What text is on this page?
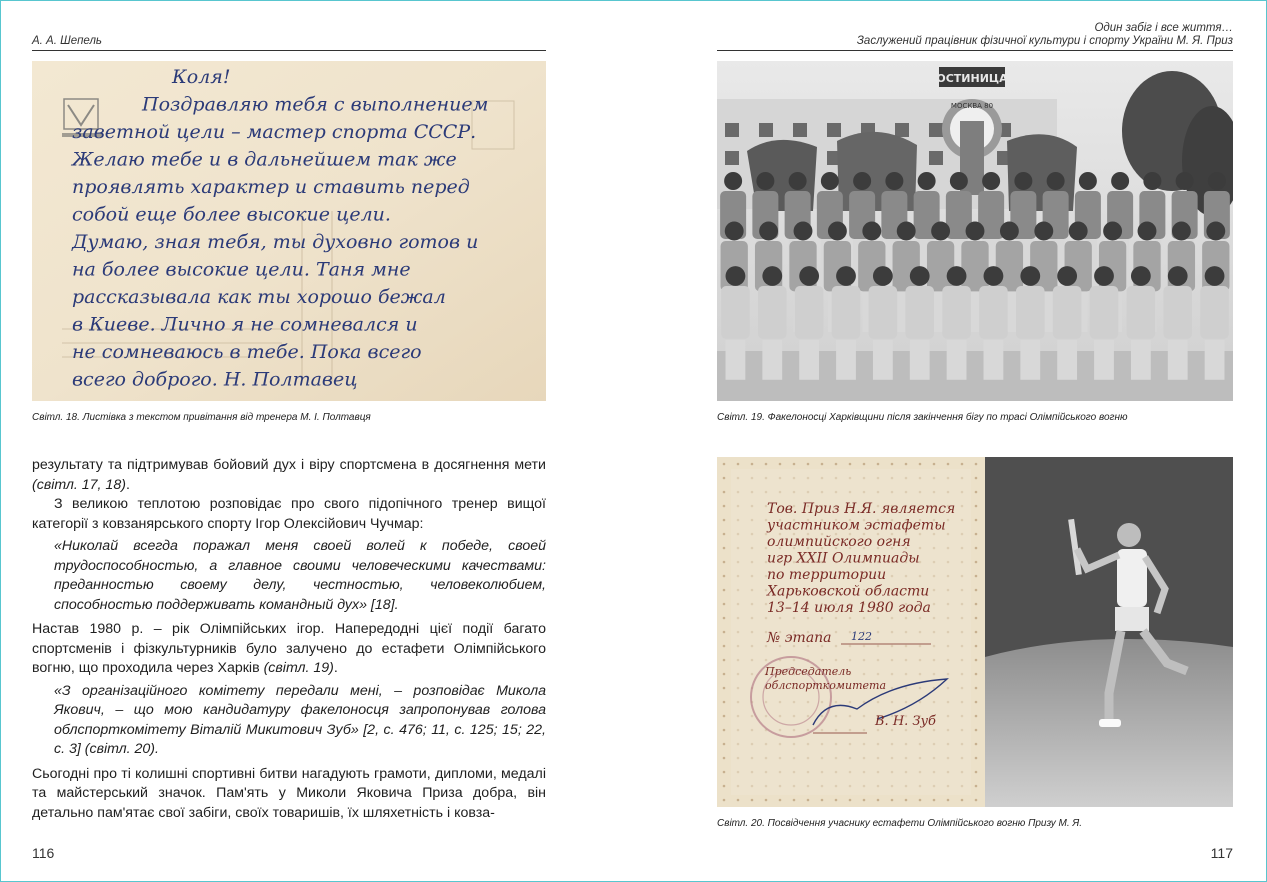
А. А. Шепель
Коля!
Поздравляю тебя с выполнением
заветной цели – мастер спорта СССР.
Желаю тебе и в дальнейшем так же
проявлять характер и ставить перед
собой еще более высокие цели.
Думаю, зная тебя, ты духовно готов и
на более высокие цели. Таня мне
рассказывала как ты хорошо бежал
в Киеве. Лично я не сомневался и
не сомневаюсь в тебе. Пока всего
всего доброго. Н. Полтавец
Світл. 18. Листівка з текстом привітання від тренера М. І. Полтавця

результату та підтримував бойовий дух і віру спортсмена в досягнення мети (світл. 17, 18).

З великою теплотою розповідає про свого підопічного тренер вищої категорії з ковзанярського спорту Ігор Олексійович Чучмар:

«Николай всегда поражал меня своей волей к победе, своей трудоспособностью, а главное своими человеческими качествами: преданностью своему делу, честностью, человеколюбием, способностью поддерживать командный дух» [18].

Настав 1980 р. – рік Олімпійських ігор. Напередодні цієї події багато спортсменів і фізкультурників було залучено до естафети Олімпійського вогню, що проходила через Харків (світл. 19).

«З організаційного комітету передали мені, – розповідає Микола Якович, – що мою кандидатуру факелоносця запропонував голова облспорткомітету Віталій Микитович Зуб» [2, с. 476; 11, с. 125; 15; 22, с. 3] (світл. 20).

Сьогодні про ті колишні спортивні битви нагадують грамоти, дипломи, медалі та майстерський значок. Пам'ять у Миколи Яковича Приза добра, він детально пам'ятає свої забіги, своїх товаришів, їх шляхетність і ковза-

116
Один забіг і все життя…
Заслужений працівник фізичної культури і спорту України М. Я. Приз
ОСТИНИЦА
МОСКВА 80
Світл. 19. Факелоносці Харківщини після закінчення бігу по трасі Олімпійського вогню
Тов. Приз Н.Я. является
участником эстафеты
олимпийского огня
игр XXII Олимпиады
по территории
Харьковской области
13–14 июля 1980 года
№ этапа 122
Председатель
облспорткомитета
В. Н. Зуб
Світл. 20. Посвідчення учаснику естафети Олімпійського вогню Призу М. Я.
117
